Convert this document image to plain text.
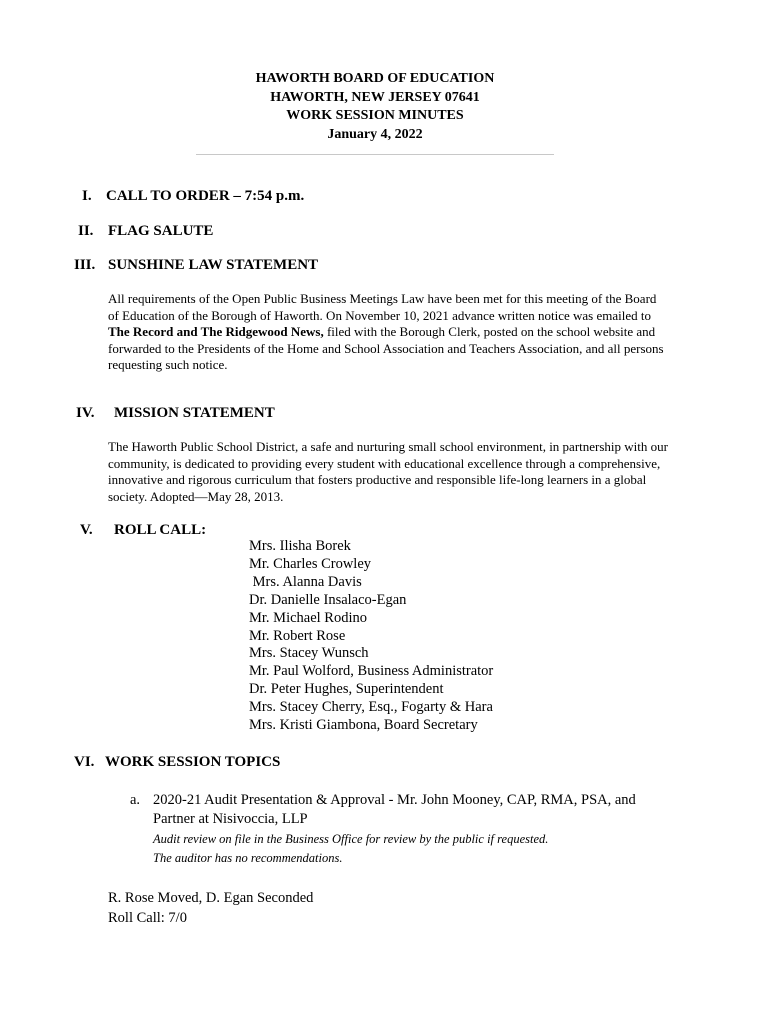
HAWORTH BOARD OF EDUCATION
HAWORTH, NEW JERSEY 07641
WORK SESSION MINUTES
January 4, 2022
I. CALL TO ORDER – 7:54 p.m.
II. FLAG SALUTE
III. SUNSHINE LAW STATEMENT
All requirements of the Open Public Business Meetings Law have been met for this meeting of the Board of Education of the Borough of Haworth. On November 10, 2021 advance written notice was emailed to The Record and The Ridgewood News, filed with the Borough Clerk, posted on the school website and forwarded to the Presidents of the Home and School Association and Teachers Association, and all persons requesting such notice.
IV. MISSION STATEMENT
The Haworth Public School District, a safe and nurturing small school environment, in partnership with our community, is dedicated to providing every student with educational excellence through a comprehensive, innovative and rigorous curriculum that fosters productive and responsible life-long learners in a global society. Adopted—May 28, 2013.
V. ROLL CALL:
Mrs. Ilisha Borek
Mr. Charles Crowley
Mrs. Alanna Davis
Dr. Danielle Insalaco-Egan
Mr. Michael Rodino
Mr. Robert Rose
Mrs. Stacey Wunsch
Mr. Paul Wolford, Business Administrator
Dr. Peter Hughes, Superintendent
Mrs. Stacey Cherry, Esq., Fogarty & Hara
Mrs. Kristi Giambona, Board Secretary
VI. WORK SESSION TOPICS
a. 2020-21 Audit Presentation & Approval - Mr. John Mooney, CAP, RMA, PSA, and Partner at Nisivoccia, LLP
Audit review on file in the Business Office for review by the public if requested.
The auditor has no recommendations.
R. Rose Moved, D. Egan Seconded
Roll Call: 7/0
